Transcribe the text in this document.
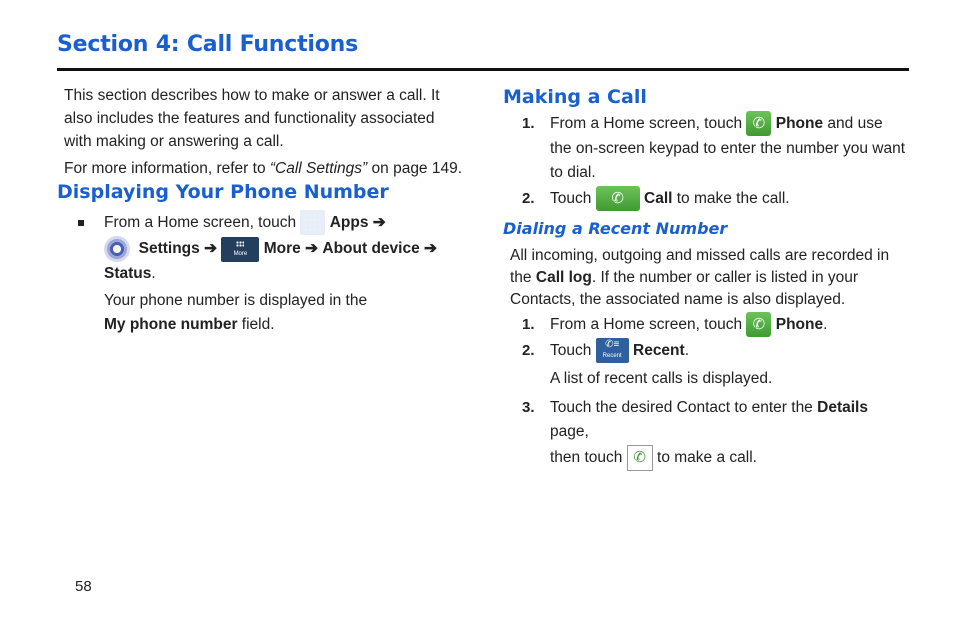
Section 4: Call Functions

This section describes how to make or answer a call. It also includes the features and functionality associated with making or answering a call.

For more information, refer to “Call Settings” on page 149.

Displaying Your Phone Number
From a Home screen, touch Apps ➔
Settings ➔	More	More ➔ About device ➔
Status.
Your phone number is displayed in the
My phone number field.
Making a Call
1. From a Home screen, touch ✆ Phone and use
the on-screen keypad to enter the number you want
to dial.
2. Touch ✆	Call to make the call.
Dialing a Recent Number
All incoming, outgoing and missed calls are recorded in the Call log. If the number or caller is listed in your Contacts, the associated name is also displayed.
1. From a Home screen, touch ✆ Phone.
2. Touch	✆≡
Recent Recent.
A list of recent calls is displayed.
3. Touch the desired Contact to enter the Details page,
then touch ✆ to make a call.
58
